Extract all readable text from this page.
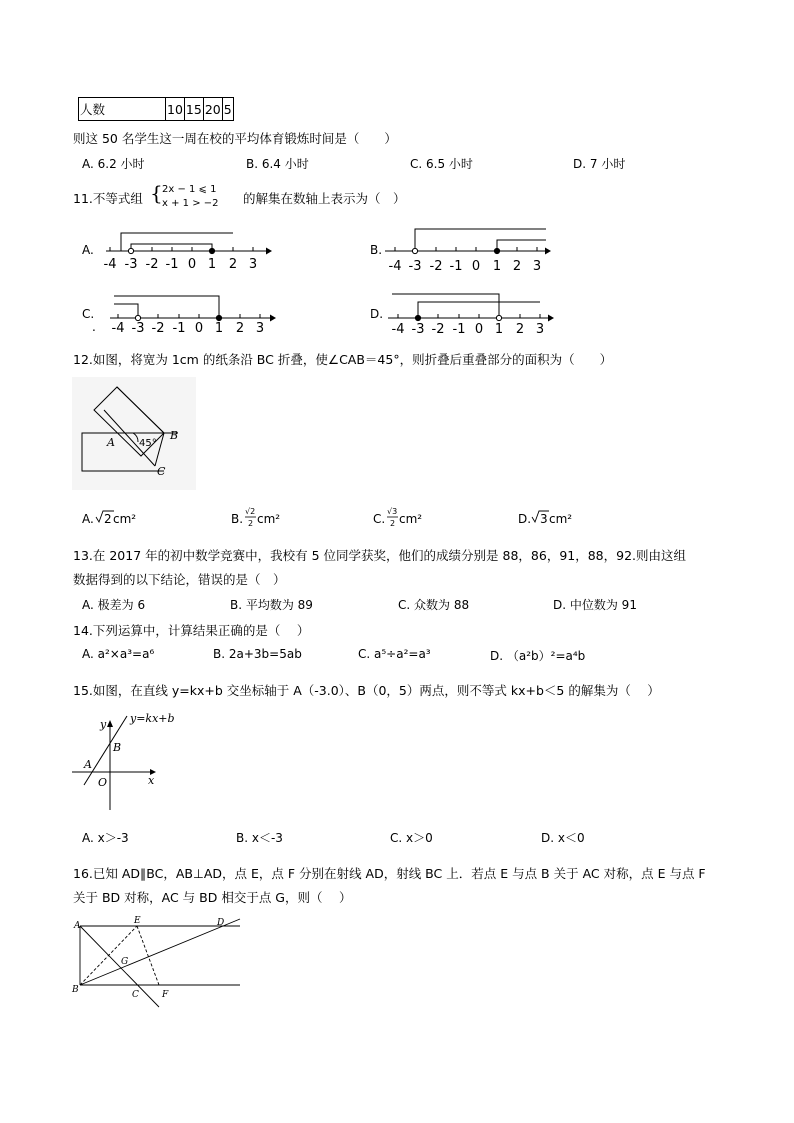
人数	10	15	20	5
则这 50 名学生这一周在校的平均体育锻炼时间是（　　）
A. 6.2 小时	B. 6.4 小时	C. 6.5 小时	D. 7 小时
11.不等式组 { 2x − 1 ⩽ 1
x + 1 > −2 的解集在数轴上表示为（　）
A.	B.
C.
.
D.
-4 -3 -2 -1 0 1 2 3	-4 -3 -2 -1 0 1 2 3
-4 -3 -2 -1 0 1 2 3	-4 -3 -2 -1 0 1 2 3
A 45°
B
C
A. 2 cm²	B.
√2
2 cm²	C.
√3
2 cm²	D. 3 cm²
y=kx+b
y
x
A
B
O
A	E	D
G
B	C	F
12.如图，将宽为 1cm 的纸条沿 BC 折叠，使∠CAB＝45°，则折叠后重叠部分的面积为（　　）
13.在 2017 年的初中数学竞赛中，我校有 5 位同学获奖，他们的成绩分别是 88，86，91，88，92.则由这组
数据得到的以下结论，错误的是（　）
A. 极差为 6	B. 平均数为 89	C. 众数为 88	D. 中位数为 91
14.下列运算中，计算结果正确的是（　 ）
A. a²×a³=a⁶	B. 2a+3b=5ab	C. a⁵÷a²=a³	D. （a²b）²=a⁴b
15.如图，在直线 y=kx+b 交坐标轴于 A（-3.0）、B（0，5）两点，则不等式 kx+b＜5 的解集为（　 ）
A. x＞-3	B. x＜-3	C. x＞0	D. x＜0
16.已知 AD∥BC，AB⊥AD，点 E，点 F 分别在射线 AD，射线 BC 上．若点 E 与点 B 关于 AC 对称，点 E 与点 F
关于 BD 对称，AC 与 BD 相交于点 G，则（　 ）
